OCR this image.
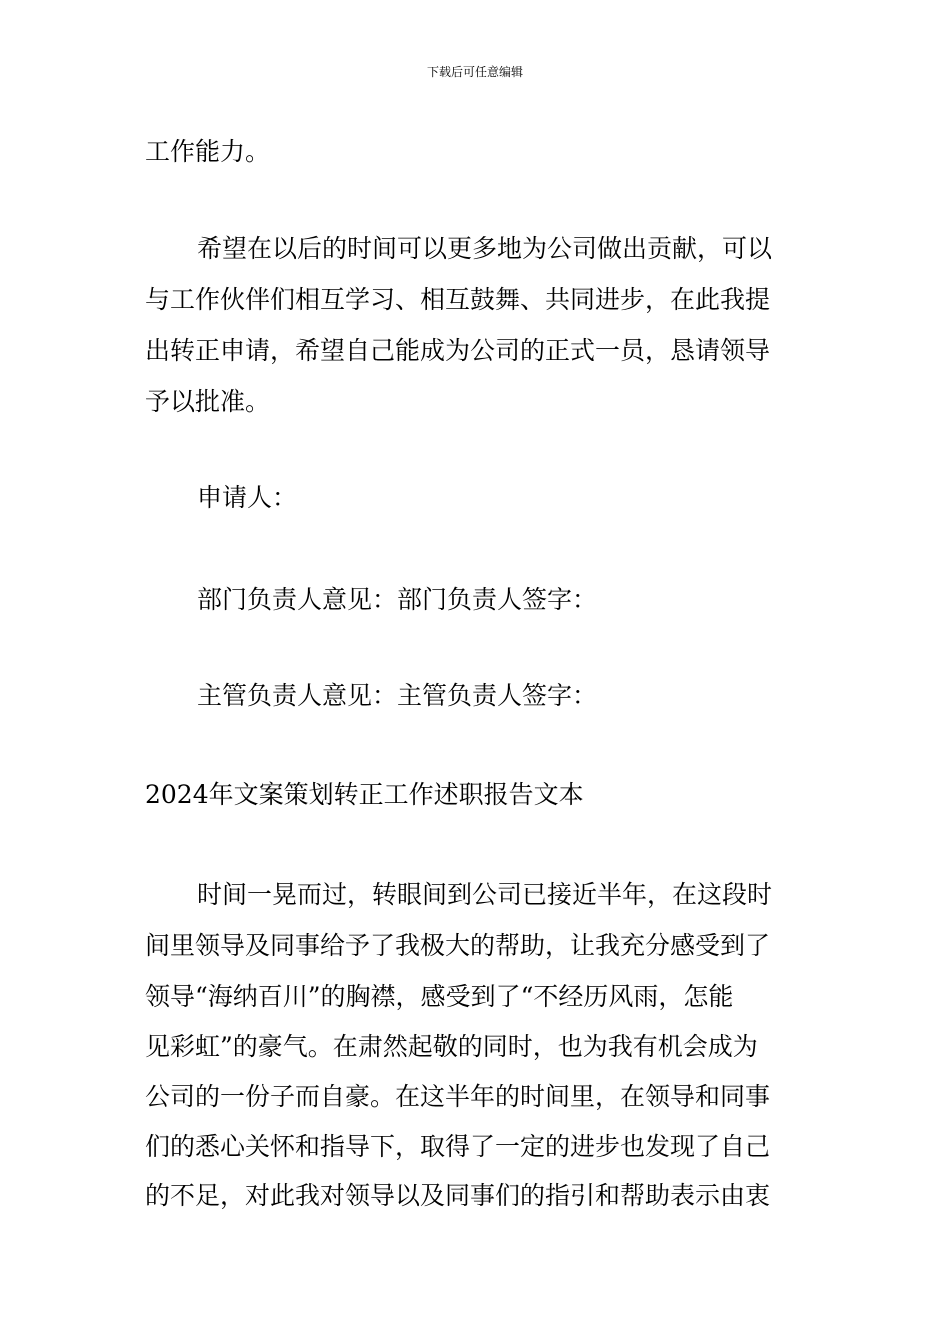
下载后可任意编辑
工作能力。
希望在以后的时间可以更多地为公司做出贡献，可以
与工作伙伴们相互学习、相互鼓舞、共同进步，在此我提
出转正申请，希望自己能成为公司的正式一员，恳请领导
予以批准。
申请人：
部门负责人意见：部门负责人签字：
主管负责人意见：主管负责人签字：
2024年文案策划转正工作述职报告文本
时间一晃而过，转眼间到公司已接近半年，在这段时
间里领导及同事给予了我极大的帮助，让我充分感受到了
领导“海纳百川”的胸襟，感受到了“不经历风雨，怎能
见彩虹”的豪气。在肃然起敬的同时，也为我有机会成为
公司的一份子而自豪。在这半年的时间里，在领导和同事
们的悉心关怀和指导下，取得了一定的进步也发现了自己
的不足，对此我对领导以及同事们的指引和帮助表示由衷
